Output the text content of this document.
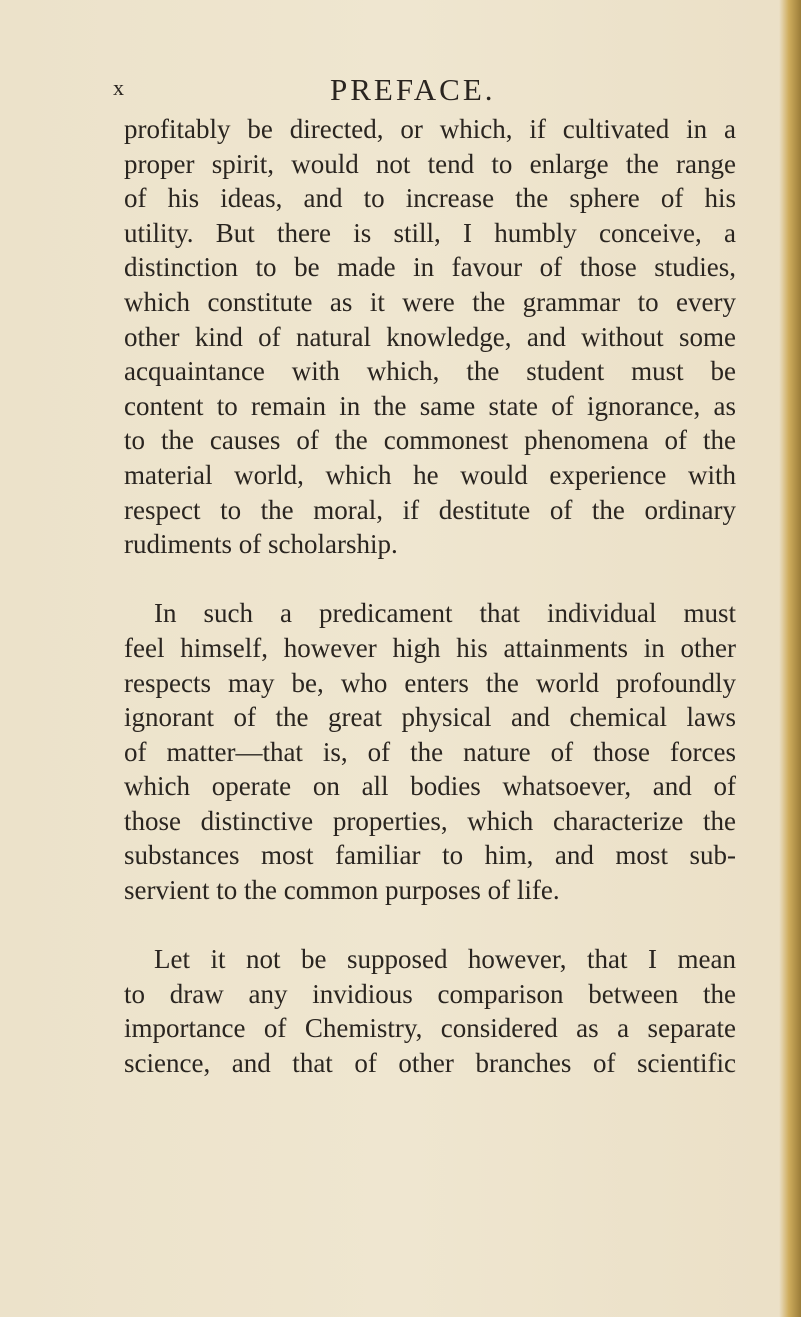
x	PREFACE.

profitably be directed, or which, if cultivated in a
proper spirit, would not tend to enlarge the range
of his ideas, and to increase the sphere of his
utility. But there is still, I humbly conceive, a
distinction to be made in favour of those studies,
which constitute as it were the grammar to every
other kind of natural knowledge, and without some
acquaintance with which, the student must be
content to remain in the same state of ignorance, as
to the causes of the commonest phenomena of the
material world, which he would experience with
respect to the moral, if destitute of the ordinary
rudiments of scholarship.

In such a predicament that individual must
feel himself, however high his attainments in other
respects may be, who enters the world profoundly
ignorant of the great physical and chemical laws
of matter—that is, of the nature of those forces
which operate on all bodies whatsoever, and of
those distinctive properties, which characterize the
substances most familiar to him, and most sub-
servient to the common purposes of life.

Let it not be supposed however, that I mean
to draw any invidious comparison between the
importance of Chemistry, considered as a separate
science, and that of other branches of scientific
